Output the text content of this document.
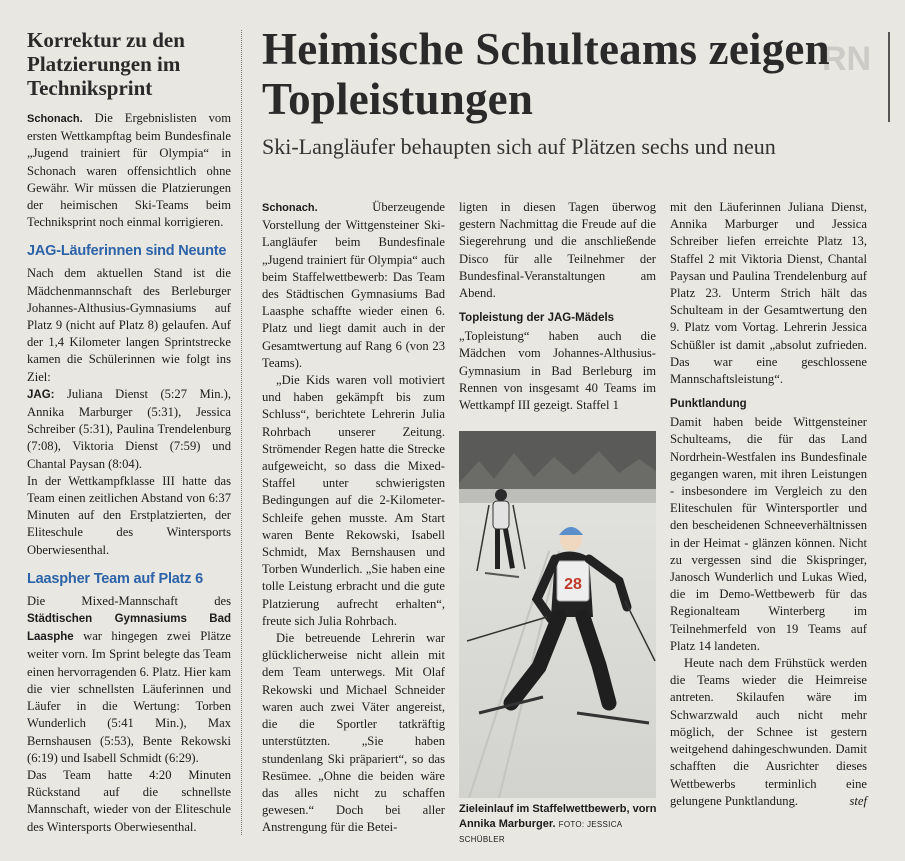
RN
Korrektur zu den Platzierungen im Techniksprint

Schonach. Die Ergebnislisten vom ersten Wettkampftag beim Bundesfinale „Jugend trainiert für Olympia“ in Schonach waren offensichtlich ohne Gewähr. Wir müssen die Platzierungen der heimischen Ski-Teams beim Techniksprint noch einmal korrigieren.

JAG-Läuferinnen sind Neunte

Nach dem aktuellen Stand ist die Mädchenmannschaft des Berleburger Johannes-Althusius-Gymnasiums auf Platz 9 (nicht auf Platz 8) gelaufen. Auf der 1,4 Kilometer langen Sprintstrecke kamen die Schülerinnen wie folgt ins Ziel:

JAG: Juliana Dienst (5:27 Min.), Annika Marburger (5:31), Jessica Schreiber (5:31), Paulina Trendelenburg (7:08), Viktoria Dienst (7:59) und Chantal Paysan (8:04).

In der Wettkampfklasse III hatte das Team einen zeitlichen Abstand von 6:37 Minuten auf den Erstplatzierten, der Eliteschule des Wintersports Oberwiesenthal.

Laaspher Team auf Platz 6

Die Mixed-Mannschaft des Städtischen Gymnasiums Bad Laasphe war hingegen zwei Plätze weiter vorn. Im Sprint belegte das Team einen hervorragenden 6. Platz. Hier kam die vier schnellsten Läuferinnen und Läufer in die Wertung: Torben Wunderlich (5:41 Min.), Max Bernshausen (5:53), Bente Rekowski (6:19) und Isabell Schmidt (6:29).

Das Team hatte 4:20 Minuten Rückstand auf die schnellste Mannschaft, wieder von der Eliteschule des Wintersports Oberwiesenthal.

Heimische Schulteams zeigen Topleistungen

Ski-Langläufer behaupten sich auf Plätzen sechs und neun

Schonach.	Überzeugende Vorstellung der Wittgensteiner Ski-Langläufer beim Bundesfinale „Jugend trainiert für Olympia“ auch beim Staffelwettbewerb: Das Team des Städtischen Gymnasiums Bad Laasphe schaffte wieder einen 6. Platz und liegt damit auch in der Gesamtwertung auf Rang 6 (von 23 Teams).

„Die Kids waren voll motiviert und haben gekämpft bis zum Schluss“, berichtete Lehrerin Julia Rohrbach unserer Zeitung. Strömender Regen hatte die Strecke aufgeweicht, so dass die Mixed-Staffel unter schwierigsten Bedingungen auf die 2-Kilometer-Schleife gehen musste. Am Start waren Bente Rekowski, Isabell Schmidt, Max Bernshausen und Torben Wunderlich. „Sie haben eine tolle Leistung erbracht und die gute Platzierung aufrecht erhalten“, freute sich Julia Rohrbach.

Die betreuende Lehrerin war glücklicherweise nicht allein mit dem Team unterwegs. Mit Olaf Rekowski und Michael Schneider waren auch zwei Väter angereist, die die Sportler tatkräftig unterstützten. „Sie haben stundenlang Ski präpariert“, so das Resümee. „Ohne die beiden wäre das alles nicht zu schaffen gewesen.“ Doch bei aller Anstrengung für die Betei-

ligten in diesen Tagen überwog gestern Nachmittag die Freude auf die Siegerehrung und die anschließende Disco für alle Teilnehmer der Bundesfinal-Veranstaltungen am Abend.

Topleistung der JAG-Mädels

„Topleistung“ haben auch die Mädchen vom Johannes-Althusius-Gymnasium in Bad Berleburg im Rennen von insgesamt 40 Teams im Wettkampf III gezeigt. Staffel 1

28
Zieleinlauf im Staffelwettbewerb, vorn Annika Marburger. FOTO: JESSICA SCHÜBLER

mit den Läuferinnen Juliana Dienst, Annika Marburger und Jessica Schreiber liefen erreichte Platz 13, Staffel 2 mit Viktoria Dienst, Chantal Paysan und Paulina Trendelenburg auf Platz 23. Unterm Strich hält das Schulteam in der Gesamtwertung den 9. Platz vom Vortag. Lehrerin Jessica Schüßler ist damit „absolut zufrieden. Das war eine geschlossene Mannschaftsleistung“.

Punktlandung

Damit haben beide Wittgensteiner Schulteams, die für das Land Nordrhein-Westfalen ins Bundesfinale gegangen waren, mit ihren Leistungen - insbesondere im Vergleich zu den Eliteschulen für Wintersportler und den bescheidenen Schneeverhältnissen in der Heimat - glänzen können. Nicht zu vergessen sind die Skispringer, Janosch Wunderlich und Lukas Wied, die im Demo-Wettbewerb für das Regionalteam Winterberg im Teilnehmerfeld von 19 Teams auf Platz 14 landeten.

Heute nach dem Frühstück werden die Teams wieder die Heimreise antreten. Skilaufen wäre im Schwarzwald auch nicht mehr möglich, der Schnee ist gestern weitgehend dahingeschwunden. Damit schafften die Ausrichter dieses Wettbewerbs terminlich eine gelungene Punktlandung.	stef
